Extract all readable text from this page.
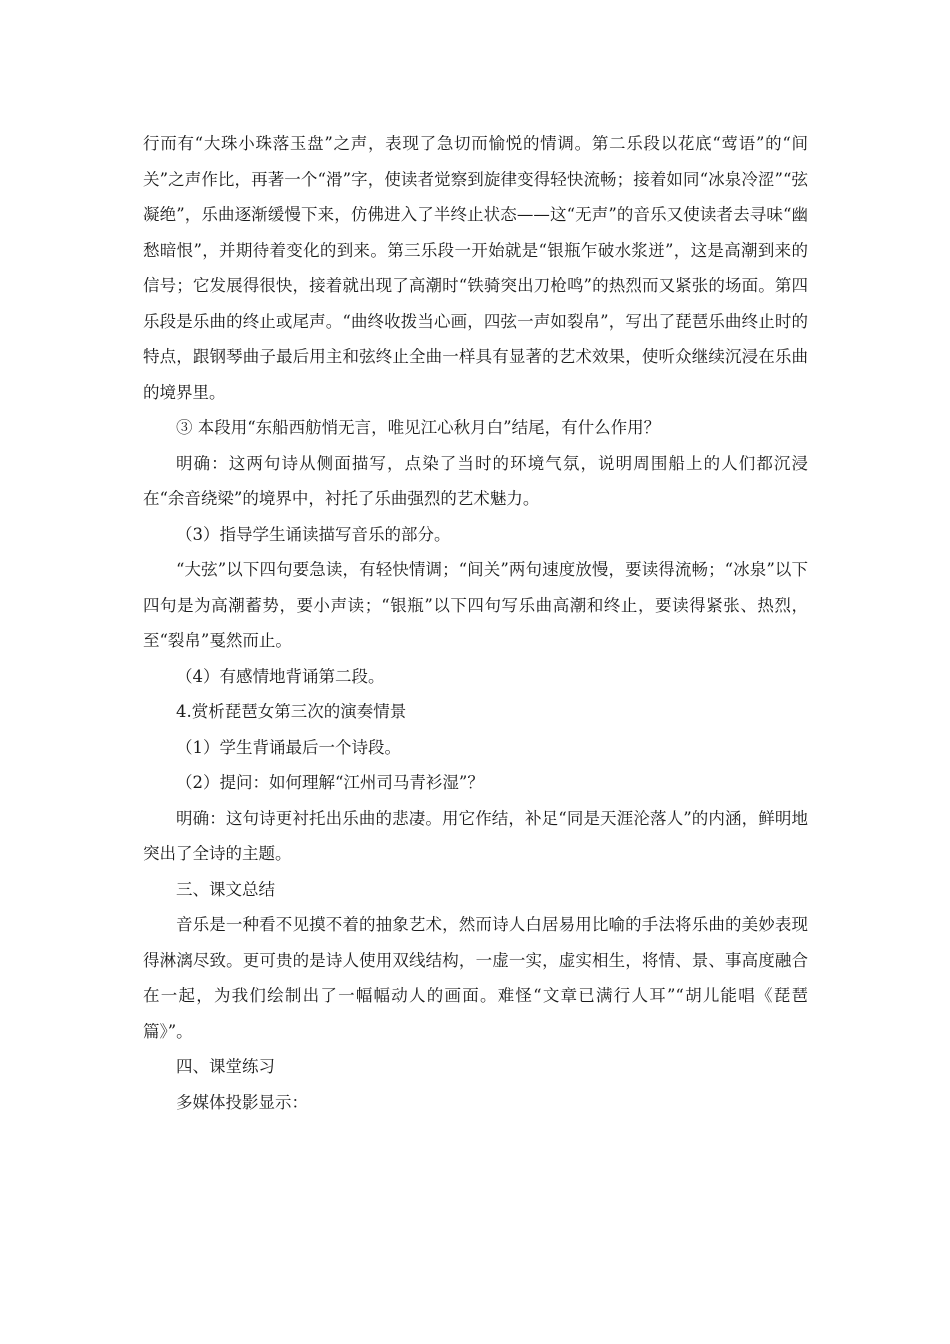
行而有“大珠小珠落玉盘”之声，表现了急切而愉悦的情调。第二乐段以花底“莺语”的“间关”之声作比，再著一个“滑”字，使读者觉察到旋律变得轻快流畅；接着如同“冰泉冷涩”“弦凝绝”，乐曲逐渐缓慢下来，仿佛进入了半终止状态——这“无声”的音乐又使读者去寻味“幽愁暗恨”，并期待着变化的到来。第三乐段一开始就是“银瓶乍破水浆迸”，这是高潮到来的信号；它发展得很快，接着就出现了高潮时“铁骑突出刀枪鸣”的热烈而又紧张的场面。第四乐段是乐曲的终止或尾声。“曲终收拨当心画，四弦一声如裂帛”，写出了琵琶乐曲终止时的特点，跟钢琴曲子最后用主和弦终止全曲一样具有显著的艺术效果，使听众继续沉浸在乐曲的境界里。

③ 本段用“东船西舫悄无言，唯见江心秋月白”结尾，有什么作用？

明确：这两句诗从侧面描写，点染了当时的环境气氛，说明周围船上的人们都沉浸在“余音绕梁”的境界中，衬托了乐曲强烈的艺术魅力。

（3）指导学生诵读描写音乐的部分。

“大弦”以下四句要急读，有轻快情调；“间关”两句速度放慢，要读得流畅；“冰泉”以下四句是为高潮蓄势，要小声读；“银瓶”以下四句写乐曲高潮和终止，要读得紧张、热烈，至“裂帛”戛然而止。

（4）有感情地背诵第二段。

4.赏析琵琶女第三次的演奏情景

（1）学生背诵最后一个诗段。

（2）提问：如何理解“江州司马青衫湿”？

明确：这句诗更衬托出乐曲的悲凄。用它作结，补足“同是天涯沦落人”的内涵，鲜明地突出了全诗的主题。

三、课文总结

音乐是一种看不见摸不着的抽象艺术，然而诗人白居易用比喻的手法将乐曲的美妙表现得淋漓尽致。更可贵的是诗人使用双线结构，一虚一实，虚实相生，将情、景、事高度融合在一起，为我们绘制出了一幅幅动人的画面。难怪“文章已满行人耳”“胡儿能唱《琵琶篇》”。

四、课堂练习

多媒体投影显示：
